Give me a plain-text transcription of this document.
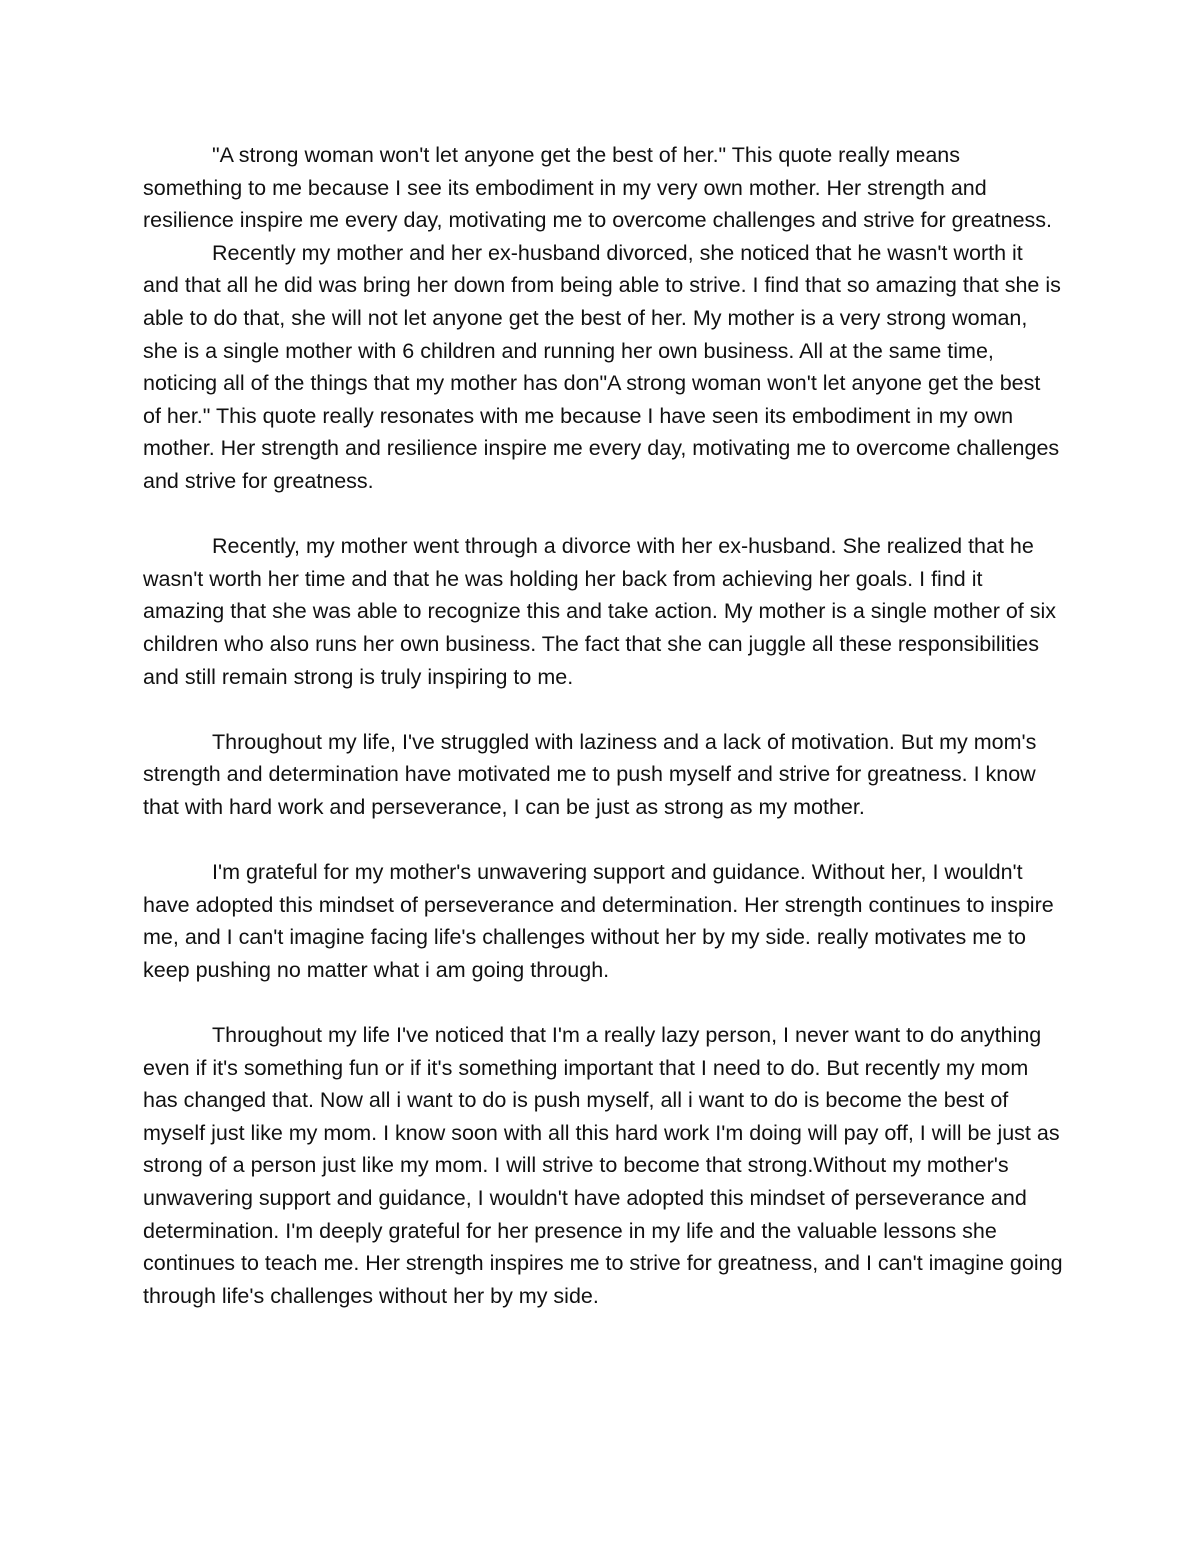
"A strong woman won't let anyone get the best of her." This quote really means something to me because I see its embodiment in my very own mother. Her strength and resilience inspire me every day, motivating me to overcome challenges and strive for greatness.

Recently my mother and her ex-husband divorced, she noticed that he wasn't worth it and that all he did was bring her down from being able to strive. I find that so amazing that she is able to do that, she will not let anyone get the best of her. My mother is a very strong woman, she is a single mother with 6 children and running her own business. All at the same time, noticing all of the things that my mother has don"A strong woman won't let anyone get the best of her." This quote really resonates with me because I have seen its embodiment in my own mother. Her strength and resilience inspire me every day, motivating me to overcome challenges and strive for greatness.

Recently, my mother went through a divorce with her ex-husband. She realized that he wasn't worth her time and that he was holding her back from achieving her goals. I find it amazing that she was able to recognize this and take action. My mother is a single mother of six children who also runs her own business. The fact that she can juggle all these responsibilities and still remain strong is truly inspiring to me.

Throughout my life, I've struggled with laziness and a lack of motivation. But my mom's strength and determination have motivated me to push myself and strive for greatness. I know that with hard work and perseverance, I can be just as strong as my mother.

I'm grateful for my mother's unwavering support and guidance. Without her, I wouldn't have adopted this mindset of perseverance and determination. Her strength continues to inspire me, and I can't imagine facing life's challenges without her by my side. really motivates me to keep pushing no matter what i am going through.

Throughout my life I've noticed that I'm a really lazy person, I never want to do anything even if it's something fun or if it's something important that I need to do. But recently my mom has changed that. Now all i want to do is push myself, all i want to do is become the best of myself just like my mom. I know soon with all this hard work I'm doing will pay off, I will be just as strong of a person just like my mom. I will strive to become that strong.Without my mother's unwavering support and guidance, I wouldn't have adopted this mindset of perseverance and determination. I'm deeply grateful for her presence in my life and the valuable lessons she continues to teach me. Her strength inspires me to strive for greatness, and I can't imagine going through life's challenges without her by my side.
